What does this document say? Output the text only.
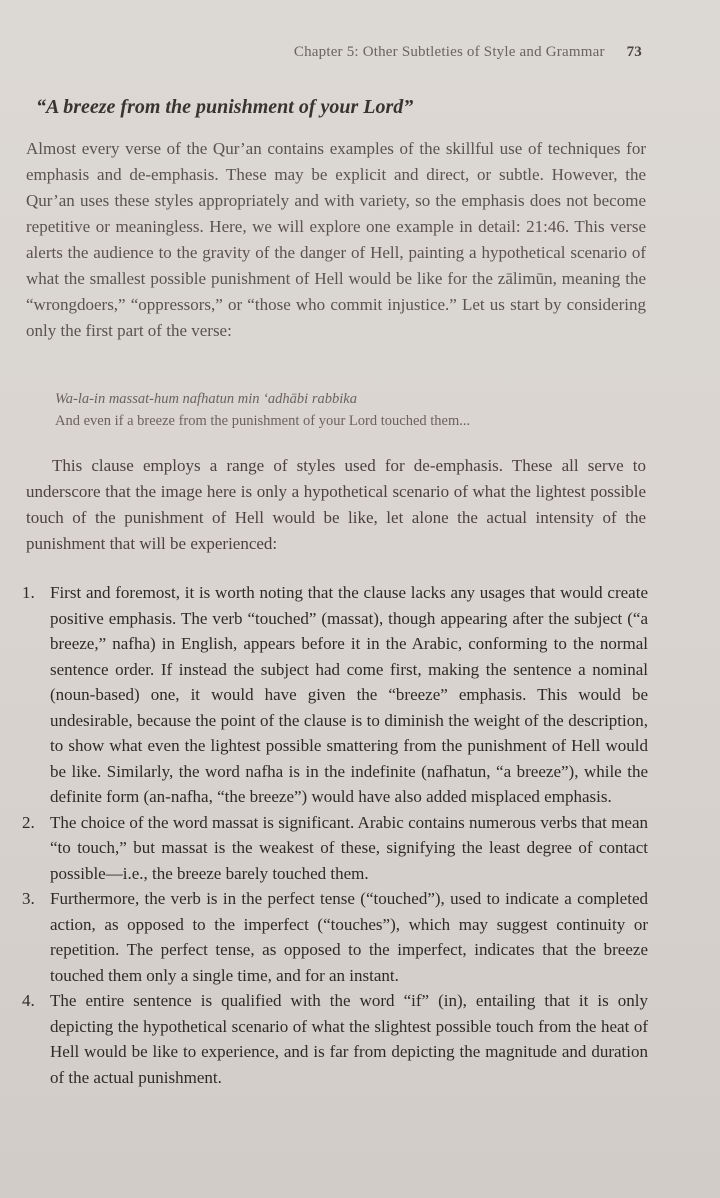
Chapter 5: Other Subtleties of Style and Grammar 73
“A breeze from the punishment of your Lord”
Almost every verse of the Qur’an contains examples of the skillful use of techniques for emphasis and de-emphasis. These may be explicit and direct, or subtle. However, the Qur’an uses these styles appropriately and with variety, so the emphasis does not become repetitive or meaningless. Here, we will explore one example in detail: 21:46. This verse alerts the audience to the gravity of the danger of Hell, painting a hypothetical scenario of what the smallest possible punishment of Hell would be like for the zālimūn, meaning the “wrongdoers,” “oppressors,” or “those who commit injustice.” Let us start by considering only the first part of the verse:
Wa-la-in massat-hum nafhatun min ‘adhābi rabbika
And even if a breeze from the punishment of your Lord touched them...
This clause employs a range of styles used for de-emphasis. These all serve to underscore that the image here is only a hypothetical scenario of what the lightest possible touch of the punishment of Hell would be like, let alone the actual intensity of the punishment that will be experienced:
1. First and foremost, it is worth noting that the clause lacks any usages that would create positive emphasis. The verb “touched” (massat), though appearing after the subject (“a breeze,” nafha) in English, appears before it in the Arabic, conforming to the normal sentence order. If instead the subject had come first, making the sentence a nominal (noun-based) one, it would have given the “breeze” emphasis. This would be undesirable, because the point of the clause is to diminish the weight of the description, to show what even the lightest possible smattering from the punishment of Hell would be like. Similarly, the word nafha is in the indefinite (nafhatun, “a breeze”), while the definite form (an-nafha, “the breeze”) would have also added misplaced emphasis.
2. The choice of the word massat is significant. Arabic contains numerous verbs that mean “to touch,” but massat is the weakest of these, signifying the least degree of contact possible—i.e., the breeze barely touched them.
3. Furthermore, the verb is in the perfect tense (“touched”), used to indicate a completed action, as opposed to the imperfect (“touches”), which may suggest continuity or repetition. The perfect tense, as opposed to the imperfect, indicates that the breeze touched them only a single time, and for an instant.
4. The entire sentence is qualified with the word “if” (in), entailing that it is only depicting the hypothetical scenario of what the slightest possible touch from the heat of Hell would be like to experience, and is far from depicting the magnitude and duration of the actual punishment.
